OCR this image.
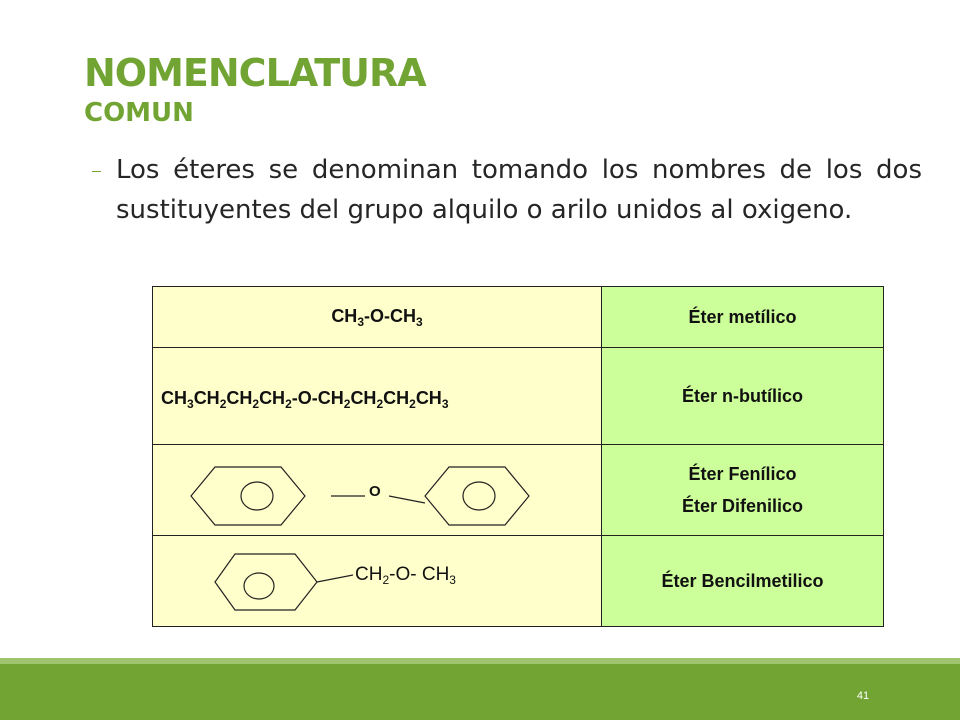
NOMENCLATURA
COMUN
⎯ Los éteres se denominan tomando los nombres de los dos sustituyentes del grupo alquilo o arilo unidos al oxigeno.
$CH_3-O-CH_3$	Éter metílico

$CH_3CH_2CH_2CH_2-O-CH_2CH_2CH_2CH_3$	Éter n-butílico

O	Éter Fenílico
Éter Difenilico

$CH_2-O-$ $CH_3$	Éter Bencilmetilico
41
